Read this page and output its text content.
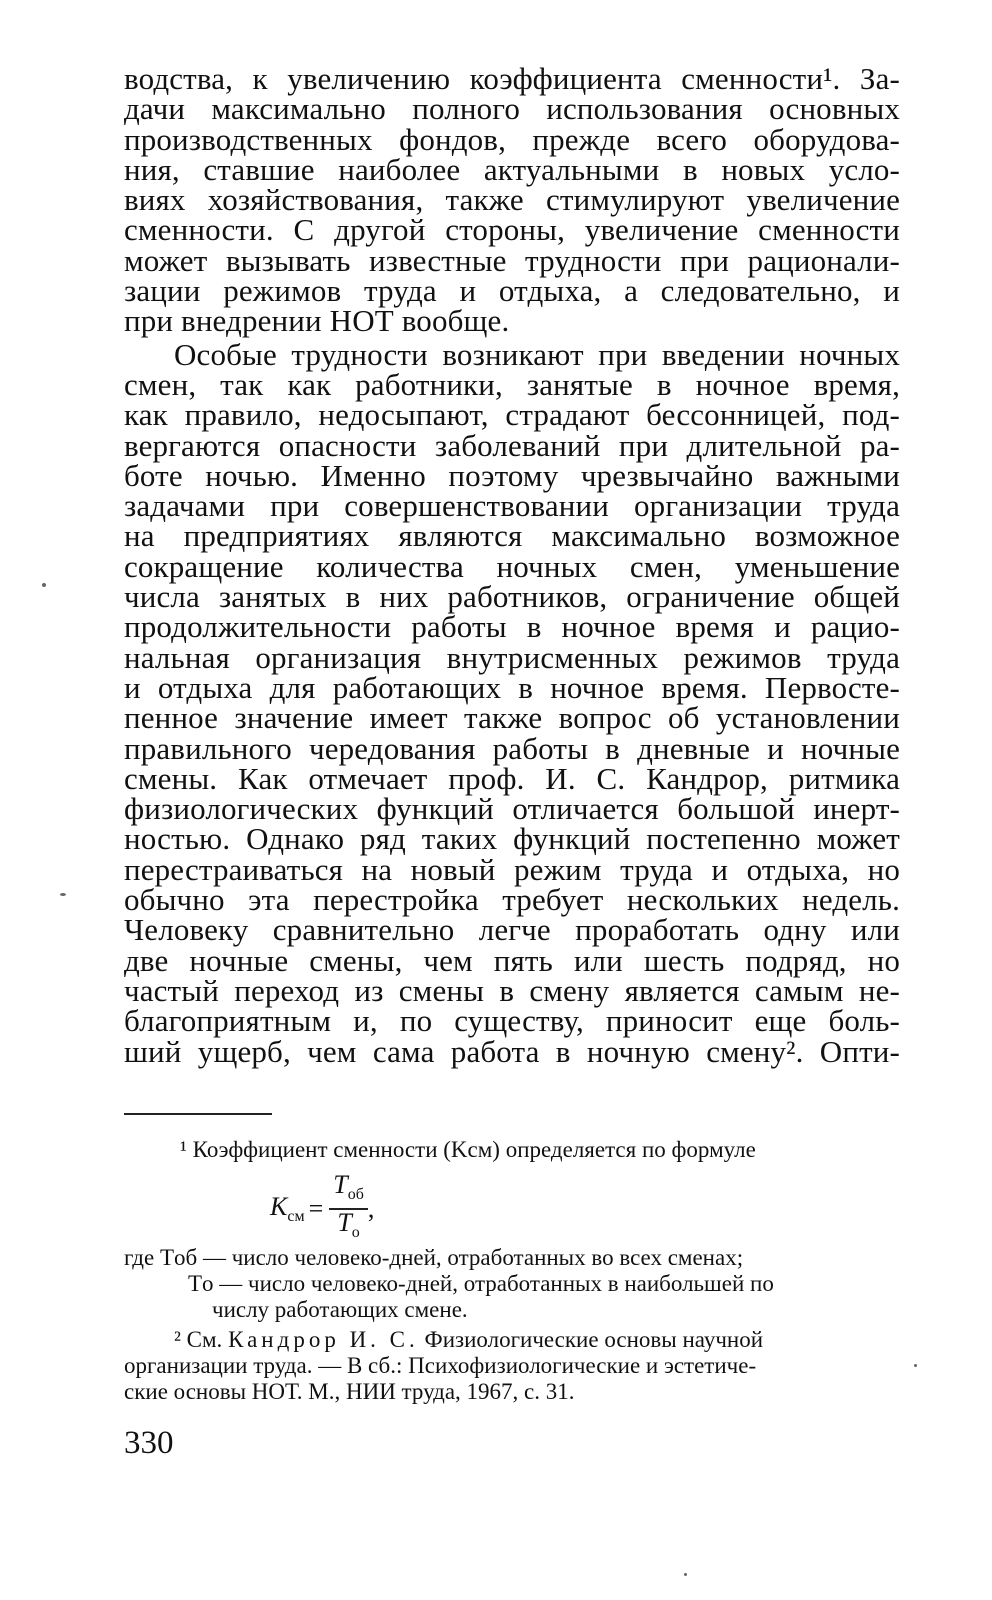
водства, к увеличению коэффициента сменности¹. За-
дачи максимально полного использования основных
производственных фондов, прежде всего оборудова-
ния, ставшие наиболее актуальными в новых усло-
виях хозяйствования, также стимулируют увеличение
сменности. С другой стороны, увеличение сменности
может вызывать известные трудности при рационали-
зации режимов труда и отдыха, а следовательно, и
при внедрении НОТ вообще.
Особые трудности возникают при введении ночных
смен, так как работники, занятые в ночное время,
как правило, недосыпают, страдают бессонницей, под-
вергаются опасности заболеваний при длительной ра-
боте ночью. Именно поэтому чрезвычайно важными
задачами при совершенствовании организации труда
на предприятиях являются максимально возможное
сокращение количества ночных смен, уменьшение
числа занятых в них работников, ограничение общей
продолжительности работы в ночное время и рацио-
нальная организация внутрисменных режимов труда
и отдыха для работающих в ночное время. Первосте-
пенное значение имеет также вопрос об установлении
правильного чередования работы в дневные и ночные
смены. Как отмечает проф. И. С. Кандрор, ритмика
физиологических функций отличается большой инерт-
ностью. Однако ряд таких функций постепенно может
перестраиваться на новый режим труда и отдыха, но
обычно эта перестройка требует нескольких недель.
Человеку сравнительно легче проработать одну или
две ночные смены, чем пять или шесть подряд, но
частый переход из смены в смену является самым не-
благоприятным и, по существу, приносит еще боль-
ший ущерб, чем сама работа в ночную смену². Опти-
¹ Коэффициент сменности (Kсм) определяется по формуле
$K_{см} = \frac{T_{об}}{T_о}$ ,
где Tоб — число человеко-дней, отработанных во всех сменах;
Tо — число человеко-дней, отработанных в наибольшей по
числу работающих смене.
² См. Кандрор И. С. Физиологические основы научной
организации труда. — В сб.: Психофизиологические и эстетиче-
ские основы НОТ. М., НИИ труда, 1967, с. 31.
330
